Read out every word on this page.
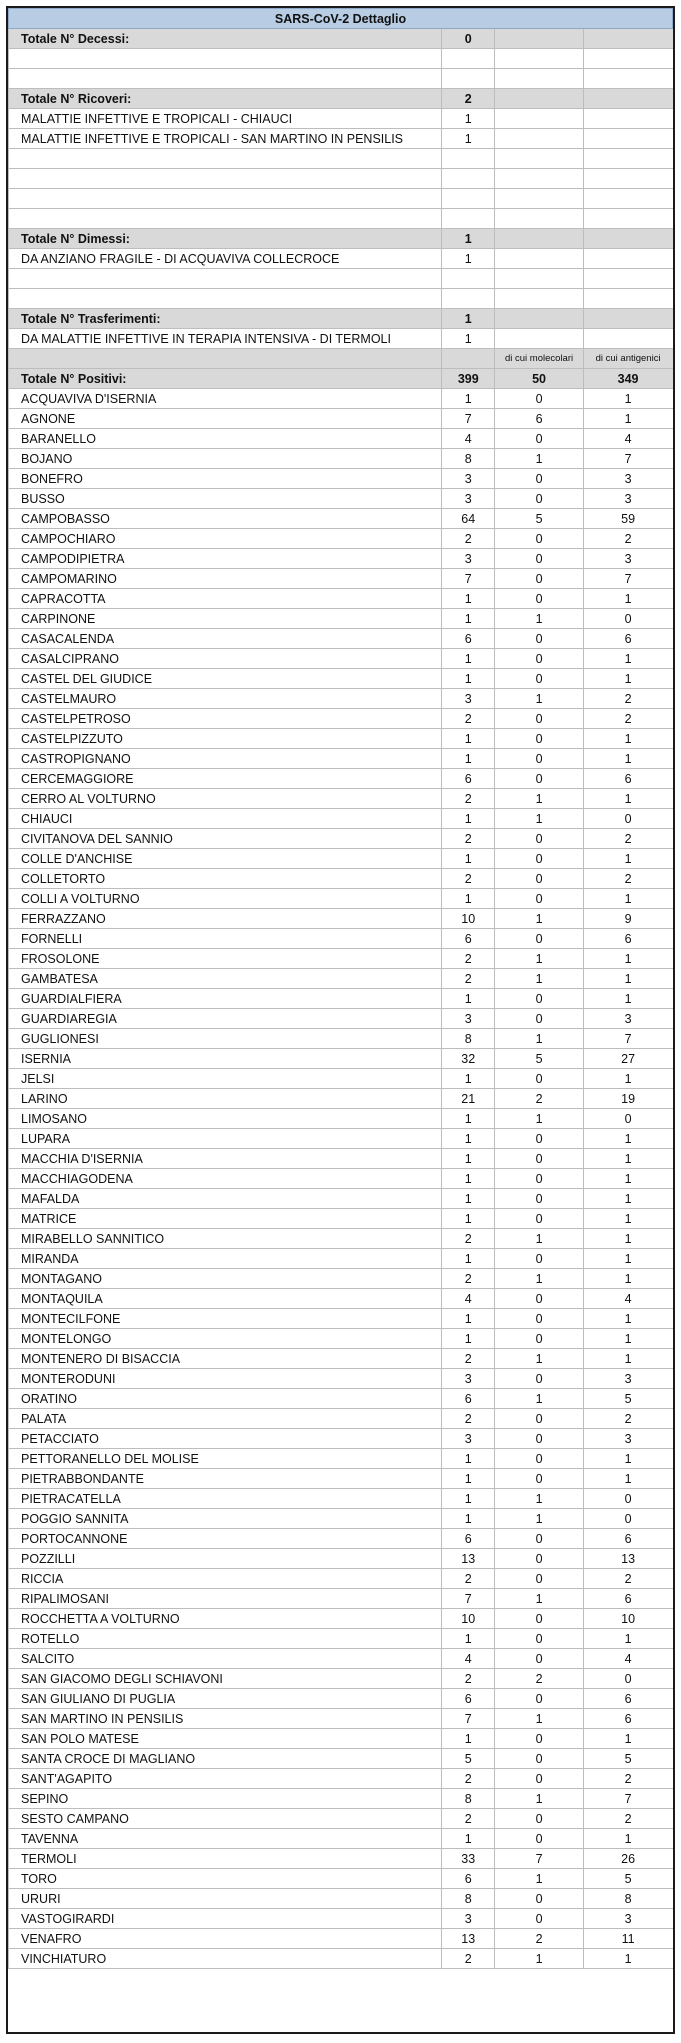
SARS-CoV-2 Dettaglio			
Totale N° Decessi:	0		

Totale N° Ricoveri:	2		
MALATTIE INFETTIVE E TROPICALI - CHIAUCI	1		
MALATTIE INFETTIVE E TROPICALI - SAN MARTINO IN PENSILIS	1		

Totale N° Dimessi:	1		
DA ANZIANO FRAGILE - DI ACQUAVIVA COLLECROCE	1		

Totale N° Trasferimenti:	1		
DA MALATTIE INFETTIVE IN TERAPIA INTENSIVA - DI TERMOLI	1		
		di cui molecolari	di cui antigenici
Totale N° Positivi:	399	50	349
ACQUAVIVA D'ISERNIA	1	0	1
AGNONE	7	6	1
BARANELLO	4	0	4
BOJANO	8	1	7
BONEFRO	3	0	3
BUSSO	3	0	3
CAMPOBASSO	64	5	59
CAMPOCHIARO	2	0	2
CAMPODIPIETRA	3	0	3
CAMPOMARINO	7	0	7
CAPRACOTTA	1	0	1
CARPINONE	1	1	0
CASACALENDA	6	0	6
CASALCIPRANO	1	0	1
CASTEL DEL GIUDICE	1	0	1
CASTELMAURO	3	1	2
CASTELPETROSO	2	0	2
CASTELPIZZUTO	1	0	1
CASTROPIGNANO	1	0	1
CERCEMAGGIORE	6	0	6
CERRO AL VOLTURNO	2	1	1
CHIAUCI	1	1	0
CIVITANOVA DEL SANNIO	2	0	2
COLLE D'ANCHISE	1	0	1
COLLETORTO	2	0	2
COLLI A VOLTURNO	1	0	1
FERRAZZANO	10	1	9
FORNELLI	6	0	6
FROSOLONE	2	1	1
GAMBATESA	2	1	1
GUARDIALFIERA	1	0	1
GUARDIAREGIA	3	0	3
GUGLIONESI	8	1	7
ISERNIA	32	5	27
JELSI	1	0	1
LARINO	21	2	19
LIMOSANO	1	1	0
LUPARA	1	0	1
MACCHIA D'ISERNIA	1	0	1
MACCHIAGODENA	1	0	1
MAFALDA	1	0	1
MATRICE	1	0	1
MIRABELLO SANNITICO	2	1	1
MIRANDA	1	0	1
MONTAGANO	2	1	1
MONTAQUILA	4	0	4
MONTECILFONE	1	0	1
MONTELONGO	1	0	1
MONTENERO DI BISACCIA	2	1	1
MONTERODUNI	3	0	3
ORATINO	6	1	5
PALATA	2	0	2
PETACCIATO	3	0	3
PETTORANELLO DEL MOLISE	1	0	1
PIETRABBONDANTE	1	0	1
PIETRACATELLA	1	1	0
POGGIO SANNITA	1	1	0
PORTOCANNONE	6	0	6
POZZILLI	13	0	13
RICCIA	2	0	2
RIPALIMOSANI	7	1	6
ROCCHETTA A VOLTURNO	10	0	10
ROTELLO	1	0	1
SALCITO	4	0	4
SAN GIACOMO DEGLI SCHIAVONI	2	2	0
SAN GIULIANO DI PUGLIA	6	0	6
SAN MARTINO IN PENSILIS	7	1	6
SAN POLO MATESE	1	0	1
SANTA CROCE DI MAGLIANO	5	0	5
SANT'AGAPITO	2	0	2
SEPINO	8	1	7
SESTO CAMPANO	2	0	2
TAVENNA	1	0	1
TERMOLI	33	7	26
TORO	6	1	5
URURI	8	0	8
VASTOGIRARDI	3	0	3
VENAFRO	13	2	11
VINCHIATURO	2	1	1
